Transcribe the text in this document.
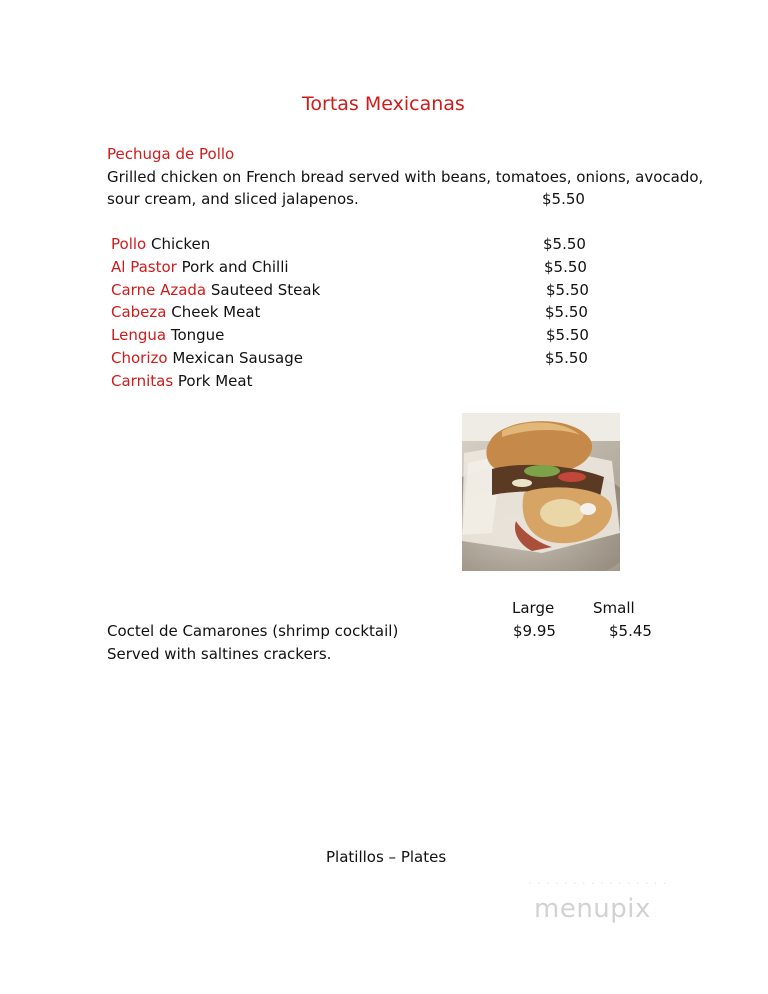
Tortas Mexicanas
Pechuga de Pollo
Grilled chicken on French bread served with beans, tomatoes, onions, avocado,
sour cream, and sliced jalapenos.	$5.50
Pollo Chicken	$5.50
Al Pastor Pork and Chilli	$5.50
Carne Azada Sauteed Steak	$5.50
Cabeza Cheek Meat	$5.50
Lengua Tongue	$5.50
Chorizo Mexican Sausage	$5.50
Carnitas Pork Meat
Large	Small
Coctel de Camarones (shrimp cocktail)	$9.95	$5.45
Served with saltines crackers.
Platillos – Plates
· · · · · · · · · · · · · · · ·
menupix
